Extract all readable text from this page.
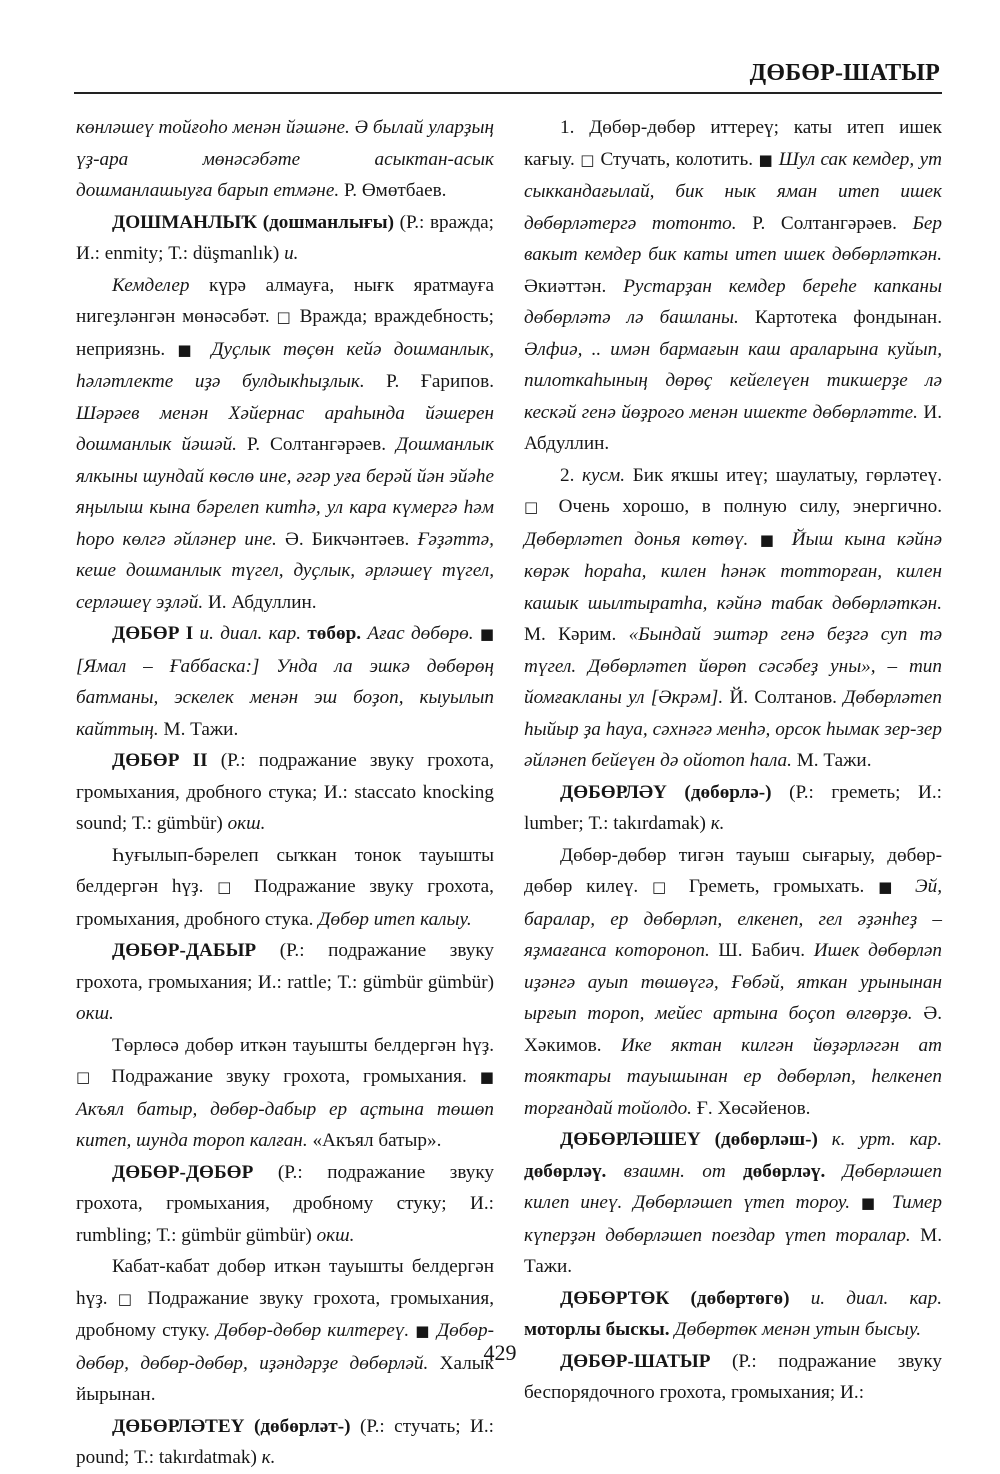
ДӨБӨР-ШАТЫР

көнләшеү тойғоһо менән йәшәне. Ә былай уларҙың үҙ-ара мөнәсәбәте асыктан-асык дошманлашыуға барып етмәне. Р. Өмөтбаев.

ДОШМАНЛЫҠ (дошманлығы) (Р.: вражда; И.: enmity; Т.: düşmanlık) и.

Кемделер күрә алмауға, нығк яратмауға нигеҙләнгән мөнәсәбәт. □ Вражда; враждебность; неприязнь. ■ Дуҫлык төҫөн кейә дошманлык, һәләтлекте иҙә булдыкһыҙлык. Р. Ғарипов. Шәрәев менән Хәйернас араһында йәшерен дошманлык йәшәй. Р. Солтангәрәев. Дошманлык ялкыны шундай көслө ине, әгәр уға берәй йән эйәһе яңылыш кына бәрелеп китһә, ул кара күмергә һәм һоро көлгә әйләнер ине. Ә. Бикчәнтәев. Ғәҙәттә, кеше дошманлык түгел, дуҫлык, әрләшеү түгел, серләшеү эҙләй. И. Абдуллин.

ДӨБӨР I и. диал. кар. төбөр. Ағас дөбөрө. ■ [Ямал – Ғаббаска:] Унда ла эшкә дөбөрөң батманы, эскелек менән эш боҙоп, кыуылып кайттың. М. Тажи.

ДӨБӨР II (Р.: подражание звуку грохота, громыхания, дробного стука; И.: staccato knocking sound; Т.: gümbür) окш.

Һуғылып-бәрелеп сыҡкан тонок тауышты белдергән һүҙ. □ Подражание звуку грохота, громыхания, дробного стука. Дөбөр итеп калыу.

ДӨБӨР-ДАБЫР (Р.: подражание звуку грохота, громыхания; И.: rattle; Т.: gümbür gümbür) окш.

Төрлөсә добөр иткән тауышты белдергән һүҙ. □ Подражание звуку грохота, громыхания. ■ Акъял батыр, дөбөр-дабыр ер аҫтына төшөп китеп, шунда тороп калған. «Акъял батыр».

ДӨБӨР-ДӨБӨР (Р.: подражание звуку грохота, громыхания, дробному стуку; И.: rumbling; Т.: gümbür gümbür) окш.

Кабат-кабат добөр иткән тауышты белдергән һүҙ. □ Подражание звуку грохота, громыхания, дробному стуку. Дөбөр-дөбөр килтереү. ■ Дөбөр-дөбөр, дөбөр-дөбөр, иҙәндәрҙе дөбөрләй. Халык йырынан.

ДӨБӨРЛӘТЕҮ (дөбөрләт-) (Р.: стучать; И.: pound; Т.: takırdatmak) к.

1. Дөбөр-дөбөр иттереү; каты итеп ишек кағыу. □ Стучать, колотить. ■ Шул сак кемдер, ут сыккандағылай, бик нык яман итеп ишек дөбөрләтергә тотонто. Р. Солтангәрәев. Бер вакыт кемдер бик каты итеп ишек дөбөрләткән. Әкиәттән. Рустарҙан кемдер береһе капканы дөбөрләтә лә башланы. Картотека фондынан. Әлфиә, .. имән бармағын каш араларына куйып, пилоткаһының дөрөҫ кейелеүен тикшерҙе лә кескәй генә йөҙрого менән ишекте дөбөрләтте. И. Абдуллин.

2. кусм. Бик яҡшы итеү; шаулатыу, гөрләтеү. □ Очень хорошо, в полную силу, энергично. Дөбөрләтеп донья көтөү. ■ Йыш кына кәйнә көрәк һораһа, килен һәнәк тотторған, килен кашык шылтыратһа, кәйнә табак дөбөрләткән. М. Кәрим. «Бындай эштәр генә беҙгә суп тә түгел. Дөбөрләтеп йөрөп сәсәбеҙ уны», – тип йомғакланы ул [Әкрәм]. Й. Солтанов. Дөбөрләтеп һыйыр ҙа һауа, сәхнәгә менһә, орсок һымак зер-зер әйләнеп бейеүен дә ойотоп һала. М. Тажи.

ДӨБӨРЛӘҮ (дөбөрлә-) (Р.: греметь; И.: lumber; Т.: takırdamak) к.

Дөбөр-дөбөр тигән тауыш сығарыу, дөбөр-дөбөр килеү. □ Греметь, громыхать. ■ Эй, баралар, ер дөбөрләп, елкенеп, гел әҙәнһеҙ – яҙмағанса кoторонoп. Ш. Бабич. Ишек дөбөрләп иҙәнгә ауып төшөүгә, Ғөбәй, яткан урынынан ырғып тороп, мейес артына боҫоп өлгөрҙө. Ә. Хәкимов. Ике яктан килгән йөҙәрләгән ат тояктары тауышынан ер дөбөрләп, һелкенеп торғандай тойолдо. Ғ. Хөсәйенов.

ДӨБӨРЛӘШЕҮ (дөбөрләш-) к. урт. кар. дөбөрләү. взаимн. от дөбөрләү. Дөбөрләшеп килеп инеү. Дөбөрләшеп үтеп тороу. ■ Тимер күперҙән дөбөрләшеп поездар үтеп торалар. М. Тажи.

ДӨБӨРТӨК (дөбөртөгө) и. диал. кар. моторлы быскы. Дөбөртөк менән утын бысыу.

ДӨБӨР-ШАТЫР (Р.: подражание звуку беспорядочного грохота, громыхания; И.:

429
